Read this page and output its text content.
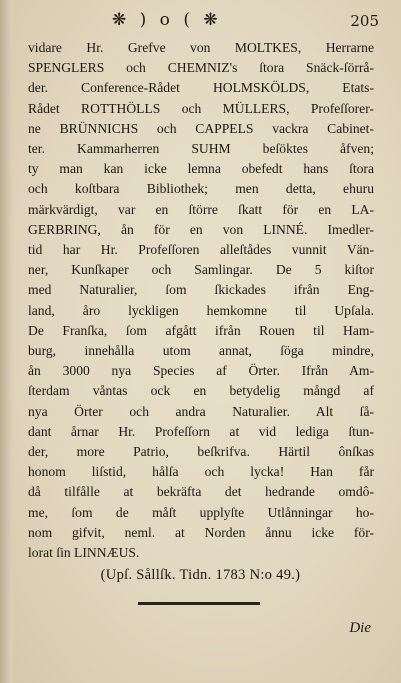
❋ ) o ( ❋	205
vidare Hr. Grefve von MOLTKES, Herrarne
SPENGLERS och CHEMNIZ's ſtora Snäck-ſörrå-
der. Conference-Rådet HOLMSKÖLDS, Etats-
Rådet ROTTHÖLLS och MÜLLERS, Profeſſorer-
ne BRÜNNICHS och CAPPELS vackra Cabinet-
ter. Kammarherren SUHM beſöktes åfven;
ty man kan icke lemna obefedt hans ſtora
och koſtbara Bibliothek; men detta, ehuru
märkvärdigt, var en ſtörre ſkatt för en LA-
GERBRING, ån för en von LINNÉ. Imedler-
tid har Hr. Profeſſoren alleſtådes vunnit Vän-
ner, Kunſkaper och Samlingar. De 5 kiſtor
med Naturalier, ſom ſkickades ifrån Eng-
land, åro lyckligen hemkomne til Upſala.
De Franſka, ſom afgått ifrån Rouen til Ham-
burg, innehålla utom annat, ſöga mindre,
ån 3000 nya Species af Örter. Ifrån Am-
ſterdam våntas ock en betydelig mångd af
nya Örter och andra Naturalier. Alt ſå-
dant årnar Hr. Profeſſorn at vid lediga ſtun-
der, more Patrio, beſkrifva. Härtil ônſkas
honom liſstid, hålſa och lycka! Han får
då tilfålle at bekräfta det hedrande omdô-
me, ſom de måſt upplyſte Utlånningar ho-
nom gifvit, neml. at Norden ånnu icke för-
lorat ſin LINNÆUS.
(Upſ. Sållſk. Tidn. 1783 N:o 49.)
Die
